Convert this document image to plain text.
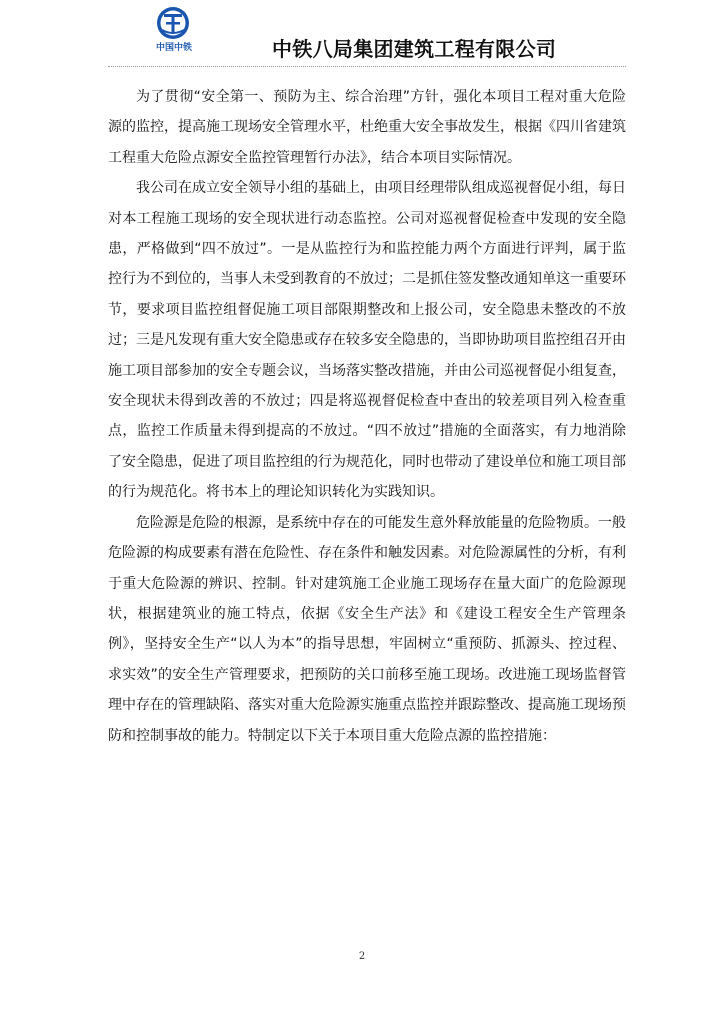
中国中铁	中铁八局集团建筑工程有限公司

为了贯彻“安全第一、预防为主、综合治理”方针，强化本项目工程对重大危险源的监控，提高施工现场安全管理水平，杜绝重大安全事故发生，根据《四川省建筑工程重大危险点源安全监控管理暂行办法》，结合本项目实际情况。

我公司在成立安全领导小组的基础上，由项目经理带队组成巡视督促小组，每日对本工程施工现场的安全现状进行动态监控。公司对巡视督促检查中发现的安全隐患，严格做到“四不放过”。一是从监控行为和监控能力两个方面进行评判，属于监控行为不到位的，当事人未受到教育的不放过；二是抓住签发整改通知单这一重要环节，要求项目监控组督促施工项目部限期整改和上报公司，安全隐患未整改的不放过；三是凡发现有重大安全隐患或存在较多安全隐患的，当即协助项目监控组召开由施工项目部参加的安全专题会议，当场落实整改措施，并由公司巡视督促小组复查，安全现状未得到改善的不放过；四是将巡视督促检查中查出的较差项目列入检查重点，监控工作质量未得到提高的不放过。“四不放过”措施的全面落实，有力地消除了安全隐患，促进了项目监控组的行为规范化，同时也带动了建设单位和施工项目部的行为规范化。将书本上的理论知识转化为实践知识。

危险源是危险的根源，是系统中存在的可能发生意外释放能量的危险物质。一般危险源的构成要素有潜在危险性、存在条件和触发因素。对危险源属性的分析，有利于重大危险源的辨识、控制。针对建筑施工企业施工现场存在量大面广的危险源现状，根据建筑业的施工特点，依据《安全生产法》和《建设工程安全生产管理条例》，坚持安全生产“以人为本”的指导思想，牢固树立“重预防、抓源头、控过程、求实效”的安全生产管理要求，把预防的关口前移至施工现场。改进施工现场监督管理中存在的管理缺陷、落实对重大危险源实施重点监控并跟踪整改、提高施工现场预防和控制事故的能力。特制定以下关于本项目重大危险点源的监控措施：

2
